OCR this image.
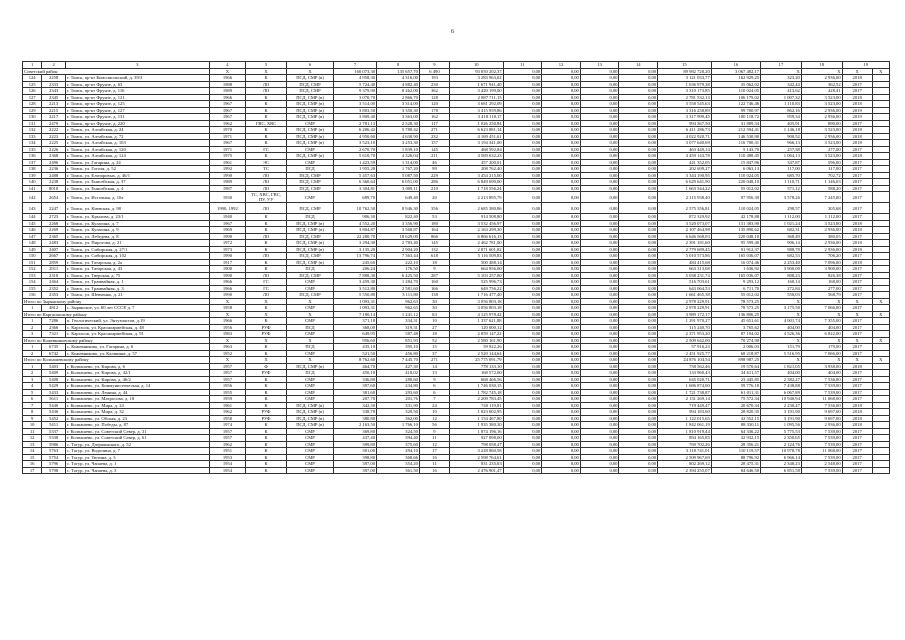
6
1	2	3	4	5	6	7	8	9	10	11	12	13	14	15	16	17	18	19	
Советский район			X	X	X	160 073,30	135 657,70	6 490	93 050 202,37	0,00	0,00	0,00	0,00	89 982 720,20	3 067 482,17	X	X	X	X
124	2258	г. Томск, пр-кт Комсомольский, д. 39/3	1966	К	ПСД, СМР (в)	4 958,30	4 316,00	193	3 283 963,02	0,00	0,00	0,00	0,00	3 121 033,77	162 929,25	323,20	2 936,00	2018	
125	2333	г. Томск, пр-кт Фрунзе, д. 63	1988	ЛО	ПСД, СМР	5 724,40	4 882,40	230	1 671 941,40	0,00	0,00	0,00	0,00	1 636 979,38	35 062,02	342,44	362,52	2017	
126	2343	г. Томск, пр-кт Фрунзе, д. 116	1989	ЛО	ПСД, СМР	9 379,90	8 262,00	362	3 420 199,00	0,00	0,00	0,00	0,00	3 310 173,85	110 024,05	413,62	428,41	2017	
127	2345	г. Томск, пр-кт Фрунзе, д. 121	1966	К	ПСД, СМР (в)	3 070,70	2 866,70	128	2 887 711,15	0,00	0,00	0,00	0,00	2 781 532,13	106 179,02	1 007,32	3 523,00	2018	
128	2213	г. Томск, пр-кт Фрунзе, д. 125	1967	К	ПСД, СМР (в)	3 514,00	3 314,00	120	3 681 292,09	0,00	0,00	0,00	0,00	3 558 545,63	122 746,46	1 110,83	3 523,00	2018	
129	2215	г. Томск, пр-кт Фрунзе, д. 127	1967	К	ПСД, СМР (в)	3 803,50	3 350,30	178	3 415 959,86	0,00	0,00	0,00	0,00	3 316 258,89	99 700,97	862,16	2 936,00	2019	
130	2217	г. Томск, пр-кт Фрунзе, д. 131	1967	К	ПСД, СМР (в)	3 809,40	3 363,00	162	3 418 118,17	0,00	0,00	0,00	0,00	3 317 999,45	100 118,72	959,34	2 936,00	2019	
131	2479	г. Томск, пр-кт Фрунзе, д. 220	1962	ГВС, ХВС	СМР	2 781,13	2 528,30	117	1 026 250,84	0,00	0,00	0,00	0,00	994 367,50	31 889,34	405,91	890,00	2017	
132	2222	г. Томск, ул. Алтайская, д. 24	1970	К	ПСД, СМР (в)	6 206,42	5 780,42	271	6 623 881,14	0,00	0,00	0,00	0,00	6 411 286,73	212 594,41	1 146,18	3 523,00	2018	
133	2223	г. Томск, ул. Алтайская, д. 72	1971	К	ПСД, СМР (в)	4 950,60	4 630,90	232	4 169 451,61	0,00	0,00	0,00	0,00	4 022 920,71	146 530,90	900,52	2 936,00	2018	
134	2225	г. Томск, ул. Алтайская, д. 103	1967	К	ПСД, СМР (в)	3 523,10	3 253,30	157	3 194 341,00	0,00	0,00	0,00	0,00	3 077 640,69	116 700,31	966,13	3 523,00	2018	
135	2226	г. Томск, ул. Алтайская, д. 120	1971	ГС	СМР	2 670,70	1 839,10	145	468 592,84	0,00	0,00	0,00	0,00	463 449,14	5 143,70	257,38	277,00	2017	
136	2368	г. Томск, ул. Алтайская, д. 124	1975	К	ПСД, СМР (в)	5 610,70	4 326,04	211	4 569 632,23	0,00	0,00	0,00	0,00	4 459 143,78	110 488,45	1 064,13	3 523,00	2018	
137	2496	г. Томск, ул. Гагарина, д. 24	1961	ЭС	СМР	1 423,59	1 314,00	46	457 200,01	0,00	0,00	0,00	0,00	441 352,05	15 847,96	347,87	596,00	2017	
138	2236	г. Томск, ул. Гоголя, д. 52	1992	ТС	ПСД	1 955,20	1 767,20	99	208 762,40	0,00	0,00	0,00	0,00	202 699,27	6 063,13	117,00	117,00	2017	
139	2488	г. Томск, ул. Елизаровых, д. 46/1	1990	ЛО	ПСД, СМР	5 457,63	5 087,50	229	3 454 215,00	0,00	0,00	0,00	0,00	3 344 190,95	110 024,05	685,70	702,72	2017	
140	2238	г. Томск, ул. Енисейская, д. 37	1989	ЛО	ПСД, СМР	6 360,64	6 051,00	286	6 849 690,00	0,00	0,00	0,00	0,00	6 629 641,90	220 048,10	1 110,71	1 146,03	2017	
141	8010	г. Томск, ул. Енисейская, д. 4	1987	ЛО	ПСД, СМР	3 304,81	3 009,11	210	1 718 556,24	0,00	0,00	0,00	0,00	1 663 544,22	55 012,02	571,12	588,20	2017	
142	2654	г. Томск, ул. Источная, д. 10а	1930	ТС, ХВС, ГВС, ПУ, УУ	СМР	689,70	649,40	20	2 213 895,79	0,00	0,00	0,00	0,00	2 115 938,40	97 956,39	3 578,26	7 245,00	2017	
143	2247	г. Томск, ул. Киевская, д. 98	1990, 1992	ЛО	ПСД, СМР	10 762,50	8 946,30	356	2 685 380,86	0,00	0,00	0,00	0,00	2 575 356,81	110 024,05	298,57	305,68	2017	
144	2723	г. Томск, ул. Крылова, д. 23/1	1940	К	ПСД	906,30	822,40	53	914 508,80	0,00	0,00	0,00	0,00	872 329,92	42 178,88	1 112,00	1 112,00	2017	
145	2268	г. Томск, ул. Кулагина, д. 7	1967	К	ПСД, СМР (в)	4 552,20	3 356,90	180	3 532 456,97	0,00	0,00	0,00	0,00	3 520 073,07	131 383,90	1 021,24	3 523,00	2018	
146	2269	г. Томск, ул. Кулагина, д. 9	1969	К	ПСД, СМР (в)	3 804,87	3 568,87	164	2 163 299,30	0,00	0,00	0,00	0,00	2 107 464,98	135 890,62	682,31	2 936,00	2018	
147	2365	г. Томск, ул. Лебедева, д. 8	1990	ЛО	ПСД, СМР	22 280,70	18 629,00	866	6 866 616,13	0,00	0,00	0,00	0,00	6 646 568,03	220 048,10	368,49	380,05	2017	
148	2483	г. Томск, ул. Пирогова, д. 21	1972	К	ПСД, СМР (в)	3 294,30	2 783,40	145	2 462 781,00	0,00	0,00	0,00	0,00	2 391 181,60	95 599,40	906,14	2 936,00	2018	
149	2407	г. Томск, ул. Сибирская, д. 27/1	1973	К	ПСД, СМР (в)	3 135,20	2 904,20	132	2 871 601,82	0,00	0,00	0,00	0,00	2 779 689,45	91 912,37	988,78	2 936,00	2018	
150	2667	г. Томск, ул. Сибирская, д. 102	1990	ЛО	ПСД, СМР	13 796,74	7 363,44	618	5 116 509,83	0,00	0,00	0,00	0,00	5 010 573,86	165 036,07	682,53	706,20	2017	
151	2859	г. Томск, ул. Татарская, д. 2а	1917	К	ПСД, СМР (в)	245,60	222,10	18	500 488,14	0,00	0,00	0,00	0,00	484 415,68	16 074,46	2 253,40	7 096,00	2018	
152	2911	г. Томск, ул. Татарская, д. 43	1900	К	ПСД	206,24	176,50	9	664 956,00	0,00	0,00	0,00	0,00	663 313,08	1 636,92	3 900,00	3 900,00	2017	
153	2310	г. Томск, ул. Тверская, д. 75	1990	ЛО	ПСД, СМР	7 888,30	6 425,50	287	5 103 257,80	0,00	0,00	0,00	0,00	5 038 231,74	165 036,07	808,23	826,38	2017	
154	2464	г. Томск, ул. Трамвайная, д. 1	1966	ГС	СМР	3 459,30	1 284,70	160	525 996,73	0,00	0,00	0,00	0,00	516 703,61	9 293,12	160,14	168,00	2017	
155	2352	г. Томск, ул. Трамвайная, д. 3	1966	ГС	СМР	3 512,80	2 581,60	166	649 756,22	0,00	0,00	0,00	0,00	643 064,53	6 711,70	272,84	277,00	2017	
156	2353	г. Томск, ул. Шевченко, д. 21	1990	ЛО	ПСД, СМР	5 550,80	3 111,80	138	1 716 477,40	0,00	0,00	0,00	0,00	1 661 465,38	55 012,02	550,03	568,79	2017	
Итого по Зырянскому району			X	X	X	1 093,31	962,63	30	3 056 803,18	0,00	0,00	0,00	0,00	2 978 229,91	78 573,25	X	X	X	X
1	4812	с. Зырянское, ул. 60 лет СССР, д. 7	1958	К	СМР	1 093,31	962,63	30	3 056 803,18	0,00	0,00	0,00	0,00	2 978 229,91	78 573,25	3 175,50	7 066,00	2017	
Итого по Каргасокскому району			X	X	X	7 180,14	1 241,12	63	4 125 978,42	0,00	0,00	0,00	0,00	3 989 172,17	136 806,25	X	X	X	X
1	7286	п. Геологический, ул. Энтузиастов, д.19	1966	К	СМР	371,18	334,31	10	1 337 621,88	0,00	0,00	0,00	0,00	1 291 970,27	45 651,61	4 001,74	7 355,00	2017	
2	2366	с. Каргасок, ул. Красноармейская, д. 48	1956	РУФ	ПСД	368,00	319,31	27	120 000,12	0,00	0,00	0,00	0,00	115 240,70	3 765,62	404,00	404,00	2017	
3	7321	с. Каргасок, ул. Красноармейская, д. 91	1983	РУФ	СМР	649,95	587,48	18	2 059 147,22	0,00	0,00	0,00	0,00	2 371 953,20	87 194,02	4 526,36	6 822,00	2017	
Итого по Кожевниковскому району			X	X	X	956,60	851,93	52	2 580 161,90	0,00	0,00	0,00	0,00	2 509 642,00	70 274,90	X	X	X	X
1	6735	с. Кожевниково, ул. Гагарина, д. 6	1963	К	ПСД	435,10	395,10	15	59 922,26	0,00	0,00	0,00	0,00	57 916,23	2 006,03	151,79	179,00	2017	
2	6742	с. Кожевниково, ул. Калинина, д. 57	1952	К	СМР	521,50	456,80	37	2 520 144,64	0,00	0,00	0,00	0,00	2 451 925,77	68 218,87	5 516,95	7 066,00	2017	
Итого по Колпашевскому району			X	X	X	8 762,60	7 445,70	271	25 775 091,79	0,00	0,00	0,00	0,00	24 876 104,54	898 987,25	X	X	X	X
1	5403	г. Колпашево, ул. Кирова, д. 6	1957	Ф	ПСД, СМР (в)	464,70	427,30	14	778 133,10	0,00	0,00	0,00	0,00	758 562,46	19 570,64	1 821,05	3 938,00	2018	
2	5409	г. Колпашево, ул. Кирова, д. 42/1	1957	РУФ	ПСД	450,10	418,02	13	168 572,00	0,00	0,00	0,00	0,00	133 960,43	34 611,57	404,00	404,00	2017	
3	5408	г. Колпашево, ул. Кирова, д. 46/2	1957	К	СМР	336,80	280,60	9	668 466,56	0,00	0,00	0,00	0,00	645 020,71	23 445,85	2 382,27	7 536,00	2017	
4	5429	г. Колпашево, ул. Коммунистическая, д. 14	1956	К	СМР	397,60	234,80	6	1 746 030,15	0,00	0,00	0,00	0,00	1 686 874,00	59 776,18	7 438,88	7 539,00	2017	
5	5433	г. Колпашево, ул. Ленина, д. 44	1955	К	СМР	381,60	293,60	6	1 782 745,18	0,00	0,00	0,00	0,00	1 721 738,87	61 011,31	6 067,89	7 539,00	2017	
6	5611	г. Колпашево, ул. Матросова, д. 18	1959	К	СМР	207,70	201,76	7	2 209 783,45	0,00	0,00	0,00	0,00	2 131 269,14	75 572,34	10 940,94	11 068,00	2017	
7	5440	г. Колпашево, ул. Мира, д. 24	1961	К	ПСД, СМР (в)	342,30	331,90	24	740 119,81	0,00	0,00	0,00	0,00	719 449,47	20 670,34	2 230,47	7 536,00	2018	
8	5436	г. Колпашево, ул. Мира, д. 32	1962	РУФ	ПСД, СМР (в)	338,70	320,50	10	1 023 002,95	0,00	0,00	0,00	0,00	994 183,60	28 820,35	3 191,90	9 697,00	2018	
9	5452	г. Колпашево, ул. Обская, д. 23	1958	РУФ	ПСД, СМР (в)	380,80	362,00	12	1 154 467,80	0,00	0,00	0,00	0,00	1 122 015,65	32 552,15	3 191,90	9 697,00	2018	
10	5411	г. Колпашево, ул. Победы, д. 87	1974	К	ПСД, СМР (в)	2 163,50	1 766,10	56	1 935 380,30	0,00	0,00	0,00	0,00	1 842 061,19	88 330,11	1 095,56	2 936,00	2018	
11	5337	г. Колпашево, ул. Советский Север, д. 31	1957	К	СМР	369,80	324,50	9	1 874 196,16	0,00	0,00	0,00	0,00	1 810 919,44	64 336,22	5 775,53	7 539,00	2017	
12	5338	г. Колпашево, ул. Советский Север, д. 61	1957	К	СМР	437,40	394,40	11	927 098,00	0,00	0,00	0,00	0,00	894 165,85	32 932,15	2 350,65	7 539,00	2017	
13	5986	с. Тогур, ул. Дзержинского, д. 52	1962	К	СМР	399,80	375,60	12	798 058,47	0,00	0,00	0,00	0,00	769 702,26	28 356,21	2 124,76	7 539,00	2017	
14	5763	с. Тогур, ул. Водопина, д. 7	1951	К	СМР	301,00	294,10	17	3 228 860,58	0,00	0,00	0,00	0,00	3 118 741,01	110 119,57	10 978,78	11 068,00	2017	
15	5754	с. Тогур, ул. Тютина, д. 3	1953	К	СМР	398,80	368,66	16	2 598 764,61	0,00	0,00	0,00	0,00	2 509 967,69	88 796,92	6 966,14	7 539,00	2017	
16	5796	с. Тогур, ул. Чапаева, д. 1	1954	К	СМР	397,00	354,20	11	831 235,63	0,00	0,00	0,00	0,00	802 269,12	28 475,31	2 348,23	2 548,00	2017	
17	5798	с. Тогур, ул. Чапаева, д. 3	1954	К	СМР	397,00	361,50	16	2 476 901,47	0,00	0,00	0,00	0,00	2 394 255,07	84 646,50	6 851,58	7 539,00	2017	
